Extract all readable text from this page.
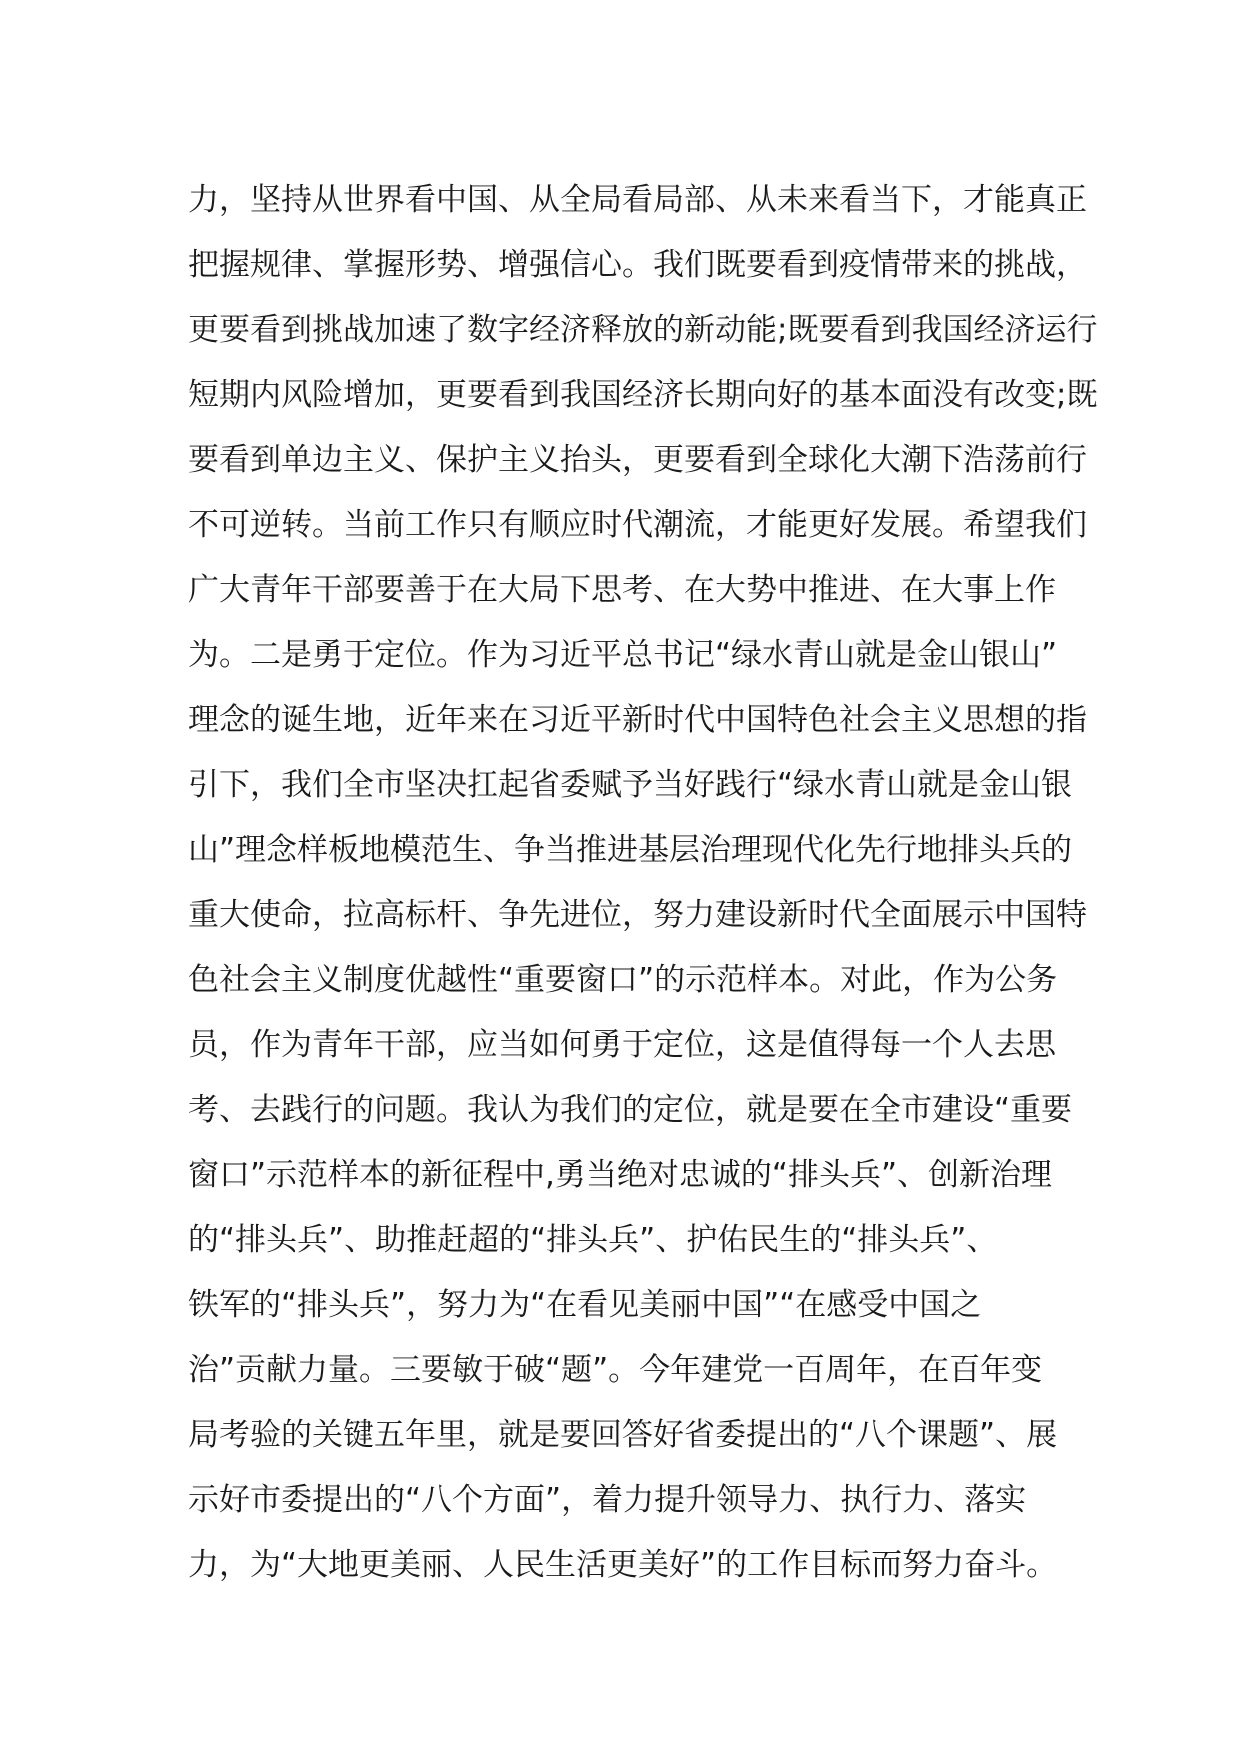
力，坚持从世界看中国、从全局看局部、从未来看当下，才能真正
把握规律、掌握形势、增强信心。我们既要看到疫情带来的挑战，
更要看到挑战加速了数字经济释放的新动能;既要看到我国经济运行
短期内风险增加，更要看到我国经济长期向好的基本面没有改变;既
要看到单边主义、保护主义抬头，更要看到全球化大潮下浩荡前行
不可逆转。当前工作只有顺应时代潮流，才能更好发展。希望我们
广大青年干部要善于在大局下思考、在大势中推进、在大事上作
为。二是勇于定位。作为习近平总书记“绿水青山就是金山银山”
理念的诞生地，近年来在习近平新时代中国特色社会主义思想的指
引下，我们全市坚决扛起省委赋予当好践行“绿水青山就是金山银
山”理念样板地模范生、争当推进基层治理现代化先行地排头兵的
重大使命，拉高标杆、争先进位，努力建设新时代全面展示中国特
色社会主义制度优越性“重要窗口”的示范样本。对此，作为公务
员，作为青年干部，应当如何勇于定位，这是值得每一个人去思
考、去践行的问题。我认为我们的定位，就是要在全市建设“重要
窗口”示范样本的新征程中,勇当绝对忠诚的“排头兵”、创新治理
的“排头兵”、助推赶超的“排头兵”、护佑民生的“排头兵”、
铁军的“排头兵”，努力为“在看见美丽中国”“在感受中国之
治”贡献力量。三要敏于破“题”。今年建党一百周年，在百年变
局考验的关键五年里，就是要回答好省委提出的“八个课题”、展
示好市委提出的“八个方面”，着力提升领导力、执行力、落实
力，为“大地更美丽、人民生活更美好”的工作目标而努力奋斗。
